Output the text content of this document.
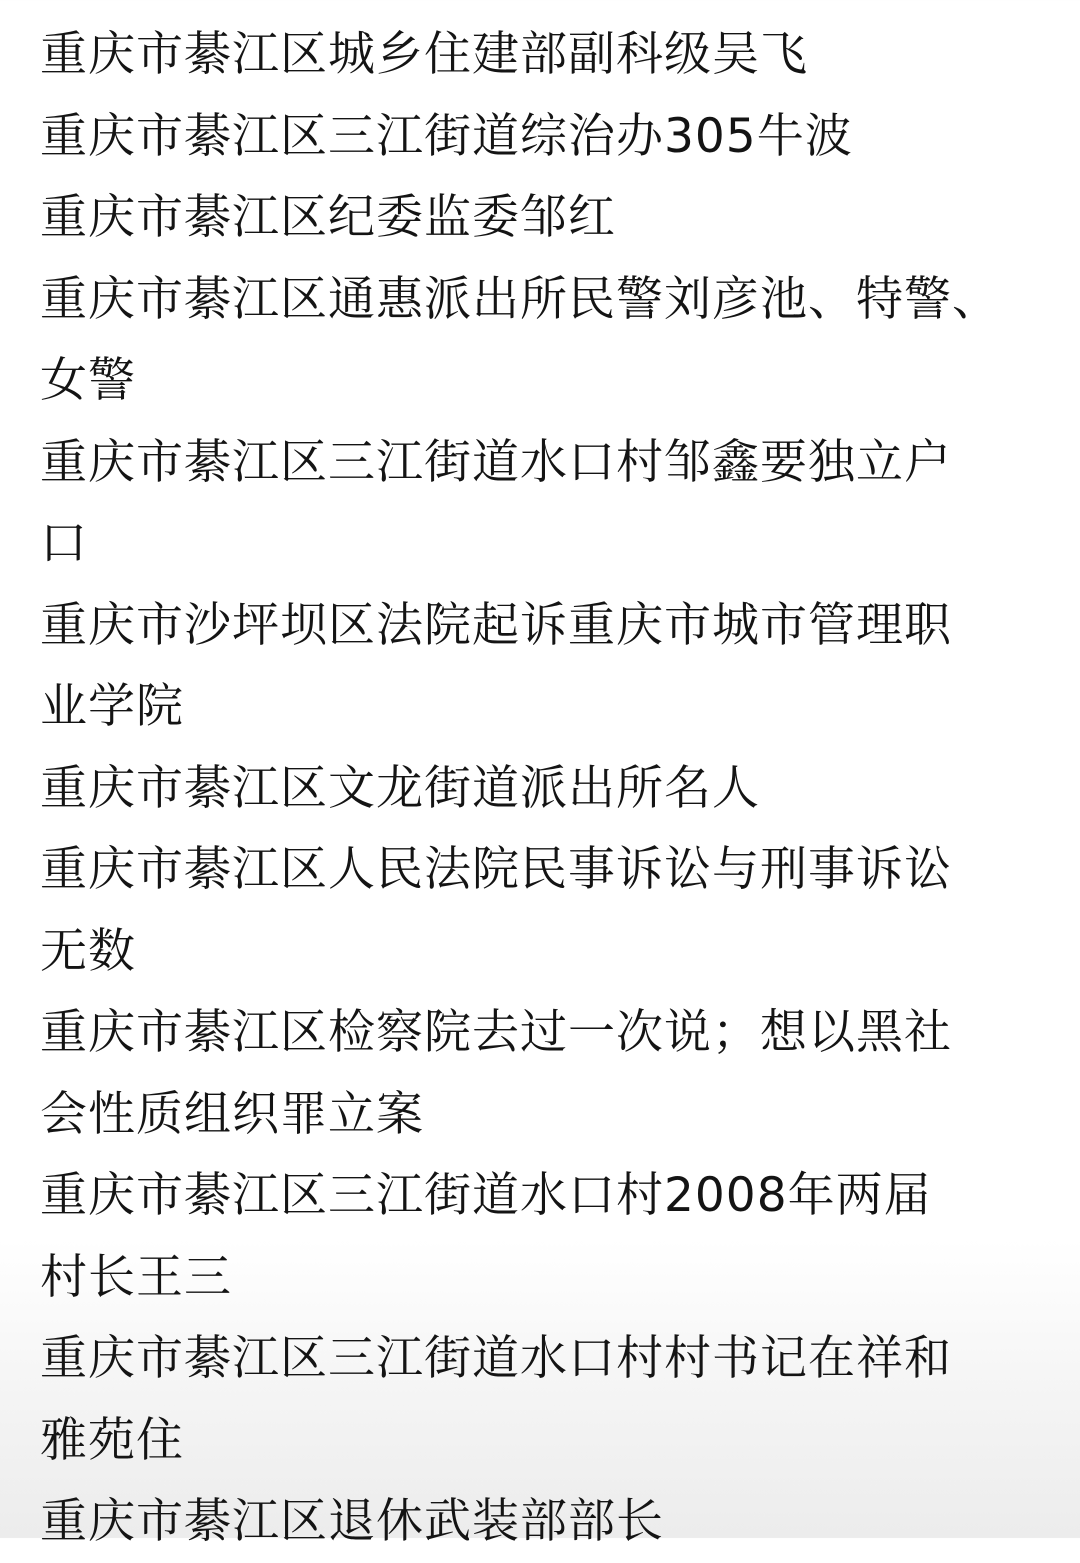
重庆市綦江区城乡住建部副科级吴飞
重庆市綦江区三江街道综治办305牛波
重庆市綦江区纪委监委邹红
重庆市綦江区通惠派出所民警刘彦池、特警、
女警
重庆市綦江区三江街道水口村邹鑫要独立户
口
重庆市沙坪坝区法院起诉重庆市城市管理职
业学院
重庆市綦江区文龙街道派出所名人
重庆市綦江区人民法院民事诉讼与刑事诉讼
无数
重庆市綦江区检察院去过一次说；想以黑社
会性质组织罪立案
重庆市綦江区三江街道水口村2008年两届
村长王三
重庆市綦江区三江街道水口村村书记在祥和
雅苑住
重庆市綦江区退休武装部部长
